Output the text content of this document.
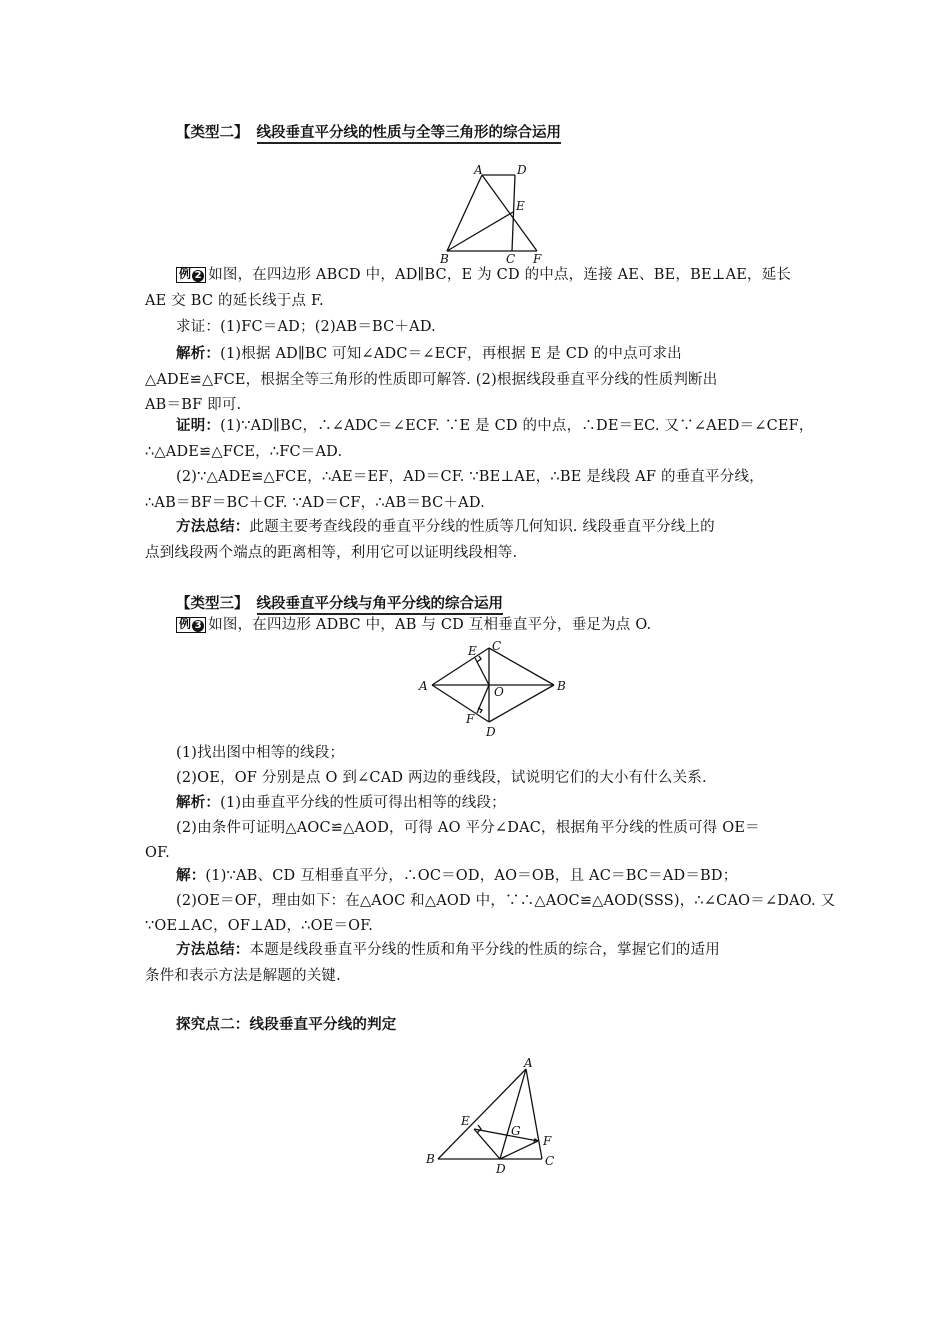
【类型二】 线段垂直平分线的性质与全等三角形的综合运用
A	D
E
B	C F
例 2 如图，在四边形 ABCD 中，AD∥BC，E 为 CD 的中点，连接 AE、BE，BE⊥AE，延长
AE 交 BC 的延长线于点 F.
求证：(1)FC＝AD；(2)AB＝BC＋AD.
解析：(1)根据 AD∥BC 可知∠ADC＝∠ECF，再根据 E 是 CD 的中点可求出
△ADE≌△FCE，根据全等三角形的性质即可解答. (2)根据线段垂直平分线的性质判断出
AB＝BF 即可.
证明：(1)∵AD∥BC，∴∠ADC＝∠ECF. ∵E 是 CD 的中点，∴DE＝EC. 又∵∠AED＝∠CEF，
∴△ADE≌△FCE，∴FC＝AD.
(2)∵△ADE≌△FCE，∴AE＝EF，AD＝CF. ∵BE⊥AE，∴BE 是线段 AF 的垂直平分线，
∴AB＝BF＝BC＋CF. ∵AD＝CF，∴AB＝BC＋AD.
方法总结：此题主要考查线段的垂直平分线的性质等几何知识. 线段垂直平分线上的
点到线段两个端点的距离相等，利用它可以证明线段相等.
【类型三】 线段垂直平分线与角平分线的综合运用
例 3 如图，在四边形 ADBC 中，AB 与 CD 互相垂直平分，垂足为点 O.
E C
A	O	B
F
D
(1)找出图中相等的线段；
(2)OE，OF 分别是点 O 到∠CAD 两边的垂线段，试说明它们的大小有什么关系.
解析：(1)由垂直平分线的性质可得出相等的线段；
(2)由条件可证明△AOC≌△AOD，可得 AO 平分∠DAC，根据角平分线的性质可得 OE＝
OF.
解：(1)∵AB、CD 互相垂直平分，∴OC＝OD，AO＝OB，且 AC＝BC＝AD＝BD；
(2)OE＝OF，理由如下：在△AOC 和△AOD 中，∵∴△AOC≌△AOD(SSS)，∴∠CAO＝∠DAO. 又
∵OE⊥AC，OF⊥AD，∴OE＝OF.
方法总结：本题是线段垂直平分线的性质和角平分线的性质的综合，掌握它们的适用
条件和表示方法是解题的关键.
探究点二：线段垂直平分线的判定
A
E
G
F
B
D
C
